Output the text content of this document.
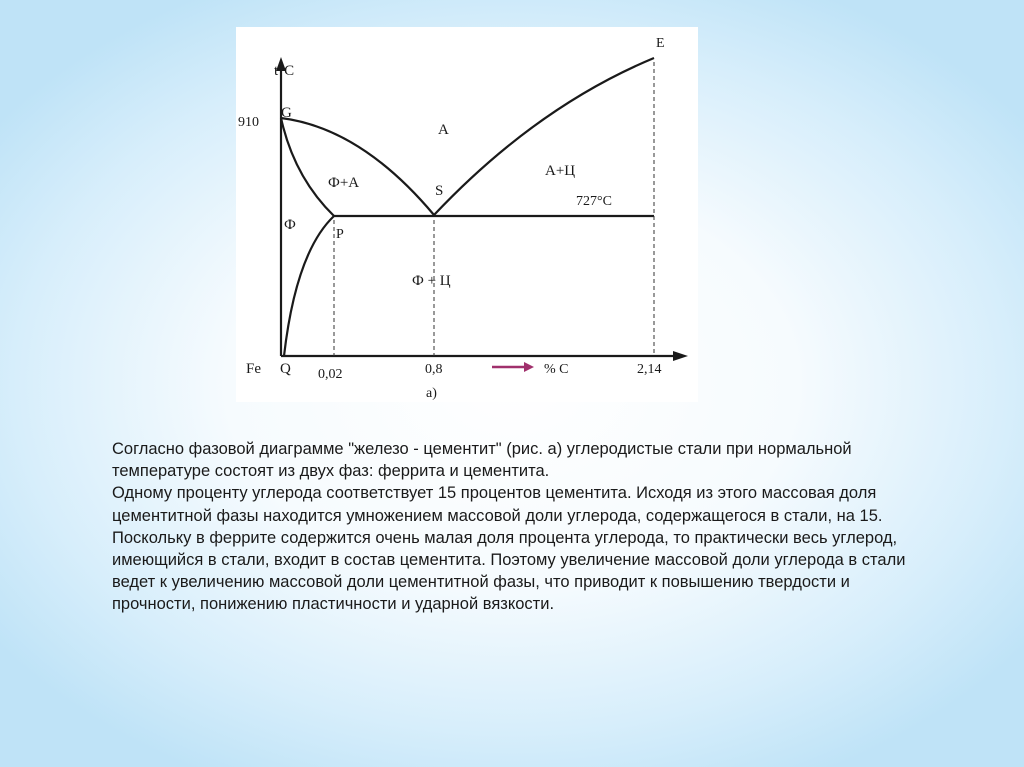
t°C
910
G
E
S
P
Fe Q 0,02	0,8	2,14
% C
727°C
A
Ф
Ф+А
А+Ц
Ф + Ц
а)

Согласно фазовой диаграмме "железо - цементит" (рис. а) углеродистые стали при нормальной температуре состоят из двух фаз: феррита и цементита.

Одному проценту углерода соответствует 15 процентов цементита. Исходя из этого массовая доля цементитной фазы находится умножением массовой доли углерода, содержащегося в стали, на 15. Поскольку в феррите содержится очень малая доля процента углерода, то практически весь углерод, имеющийся в стали, входит в состав цементита. Поэтому увеличение массовой доли углерода в стали ведет к увеличению массовой доли цементитной фазы, что приводит к повышению твердости и прочности, понижению пластичности и ударной вязкости.
